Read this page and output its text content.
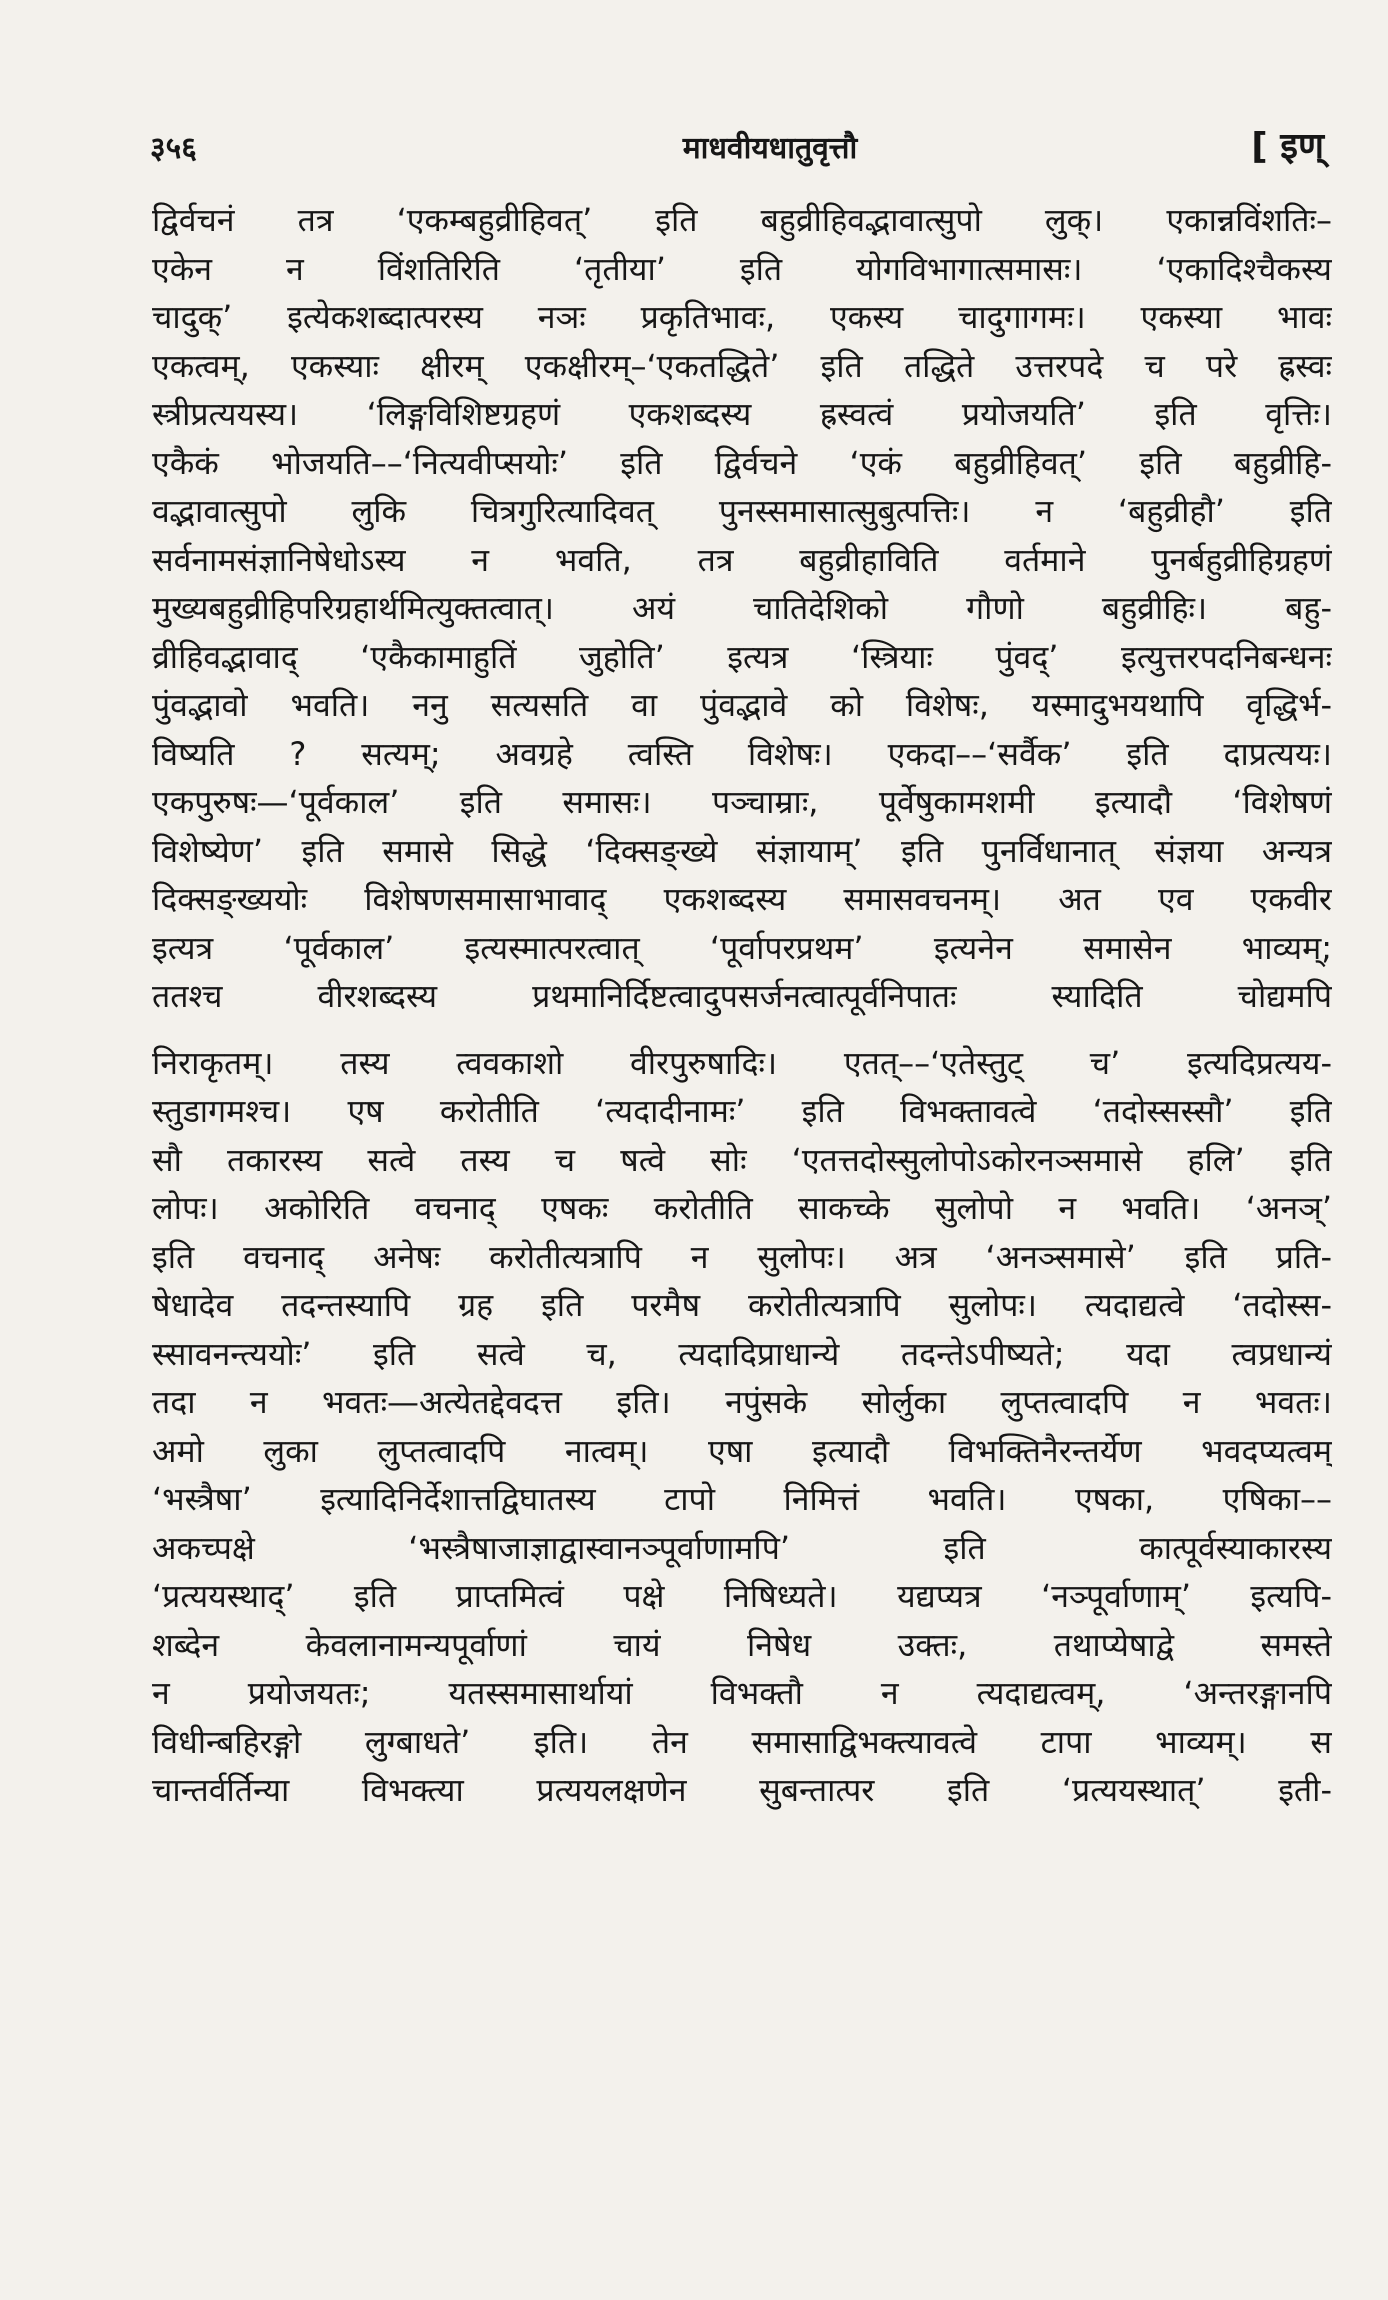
३५६	माधवीयधातुवृत्तौ	[ इण्
द्विर्वचनं तत्र ‘एकम्बहुव्रीहिवत्’ इति बहुव्रीहिवद्भावात्सुपो लुक्। एकान्नविंशतिः–
एकेन न विंशतिरिति ‘तृतीया’ इति योगविभागात्समासः। ‘एकादिश्चैकस्य
चादुक्’ इत्येकशब्दात्परस्य नञः प्रकृतिभावः, एकस्य चादुगागमः। एकस्या भावः
एकत्वम्, एकस्याः क्षीरम् एकक्षीरम्–‘एकतद्धिते’ इति तद्धिते उत्तरपदे च परे ह्रस्वः
स्त्रीप्रत्ययस्य। ‘लिङ्गविशिष्टग्रहणं एकशब्दस्य ह्रस्वत्वं प्रयोजयति’ इति वृत्तिः।
एकैकं भोजयति––‘नित्यवीप्सयोः’ इति द्विर्वचने ‘एकं बहुव्रीहिवत्’ इति बहुव्रीहि-
वद्भावात्सुपो लुकि चित्रगुरित्यादिवत् पुनस्समासात्सुबुत्पत्तिः। न ‘बहुव्रीहौ’ इति
सर्वनामसंज्ञानिषेधोऽस्य न भवति, तत्र बहुव्रीहाविति वर्तमाने पुनर्बहुव्रीहिग्रहणं
मुख्यबहुव्रीहिपरिग्रहार्थमित्युक्तत्वात्। अयं चातिदेशिको गौणो बहुव्रीहिः। बहु-
व्रीहिवद्भावाद् ‘एकैकामाहुतिं जुहोति’ इत्यत्र ‘स्त्रियाः पुंवद्’ इत्युत्तरपदनिबन्धनः
पुंवद्भावो भवति। ननु सत्यसति वा पुंवद्भावे को विशेषः, यस्मादुभयथापि वृद्धिर्भ-
विष्यति ? सत्यम्; अवग्रहे त्वस्ति विशेषः। एकदा––‘सर्वैक’ इति दाप्रत्ययः।
एकपुरुषः—‘पूर्वकाल’ इति समासः। पञ्चाम्राः, पूर्वेषुकामशमी इत्यादौ ‘विशेषणं
विशेष्येण’ इति समासे सिद्धे ‘दिक्सङ्ख्ये संज्ञायाम्’ इति पुनर्विधानात् संज्ञया अन्यत्र
दिक्सङ्ख्ययोः विशेषणसमासाभावाद् एकशब्दस्य समासवचनम्। अत एव एकवीर
इत्यत्र ‘पूर्वकाल’ इत्यस्मात्परत्वात् ‘पूर्वापरप्रथम’ इत्यनेन समासेन भाव्यम्;
ततश्च वीरशब्दस्य प्रथमानिर्दिष्टत्वादुपसर्जनत्वात्पूर्वनिपातः स्यादिति चोद्यमपि
निराकृतम्। तस्य त्ववकाशो वीरपुरुषादिः। एतत्––‘एतेस्तुट् च’ इत्यदिप्रत्यय-
स्तुडागमश्च। एष करोतीति ‘त्यदादीनामः’ इति विभक्तावत्वे ‘तदोस्सस्सौ’ इति
सौ तकारस्य सत्वे तस्य च षत्वे सोः ‘एतत्तदोस्सुलोपोऽकोरनञ्समासे हलि’ इति
लोपः। अकोरिति वचनाद् एषकः करोतीति साकच्के सुलोपो न भवति। ‘अनञ्’
इति वचनाद् अनेषः करोतीत्यत्रापि न सुलोपः। अत्र ‘अनञ्समासे’ इति प्रति-
षेधादेव तदन्तस्यापि ग्रह इति परमैष करोतीत्यत्रापि सुलोपः। त्यदाद्यत्वे ‘तदोस्स-
स्सावनन्त्ययोः’ इति सत्वे च, त्यदादिप्राधान्ये तदन्तेऽपीष्यते; यदा त्वप्रधान्यं
तदा न भवतः—अत्येतद्देवदत्त इति। नपुंसके सोर्लुका लुप्तत्वादपि न भवतः।
अमो लुका लुप्तत्वादपि नात्वम्। एषा इत्यादौ विभक्तिनैरन्तर्येण भवदप्यत्वम्
‘भस्त्रैषा’ इत्यादिनिर्देशात्तद्विघातस्य टापो निमित्तं भवति। एषका, एषिका––
अकच्पक्षे ‘भस्त्रैषाजाज्ञाद्वास्वानञ्पूर्वाणामपि’ इति कात्पूर्वस्याकारस्य
‘प्रत्ययस्थाद्’ इति प्राप्तमित्वं पक्षे निषिध्यते। यद्यप्यत्र ‘नञ्पूर्वाणाम्’ इत्यपि-
शब्देन केवलानामन्यपूर्वाणां चायं निषेध उक्तः, तथाप्येषाद्वे समस्ते
न प्रयोजयतः; यतस्समासार्थायां विभक्तौ न त्यदाद्यत्वम्, ‘अन्तरङ्गानपि
विधीन्बहिरङ्गो लुग्बाधते’ इति। तेन समासाद्विभक्त्यावत्वे टापा भाव्यम्। स
चान्तर्वर्तिन्या विभक्त्या प्रत्ययलक्षणेन सुबन्तात्पर इति ‘प्रत्ययस्थात्’ इती-
